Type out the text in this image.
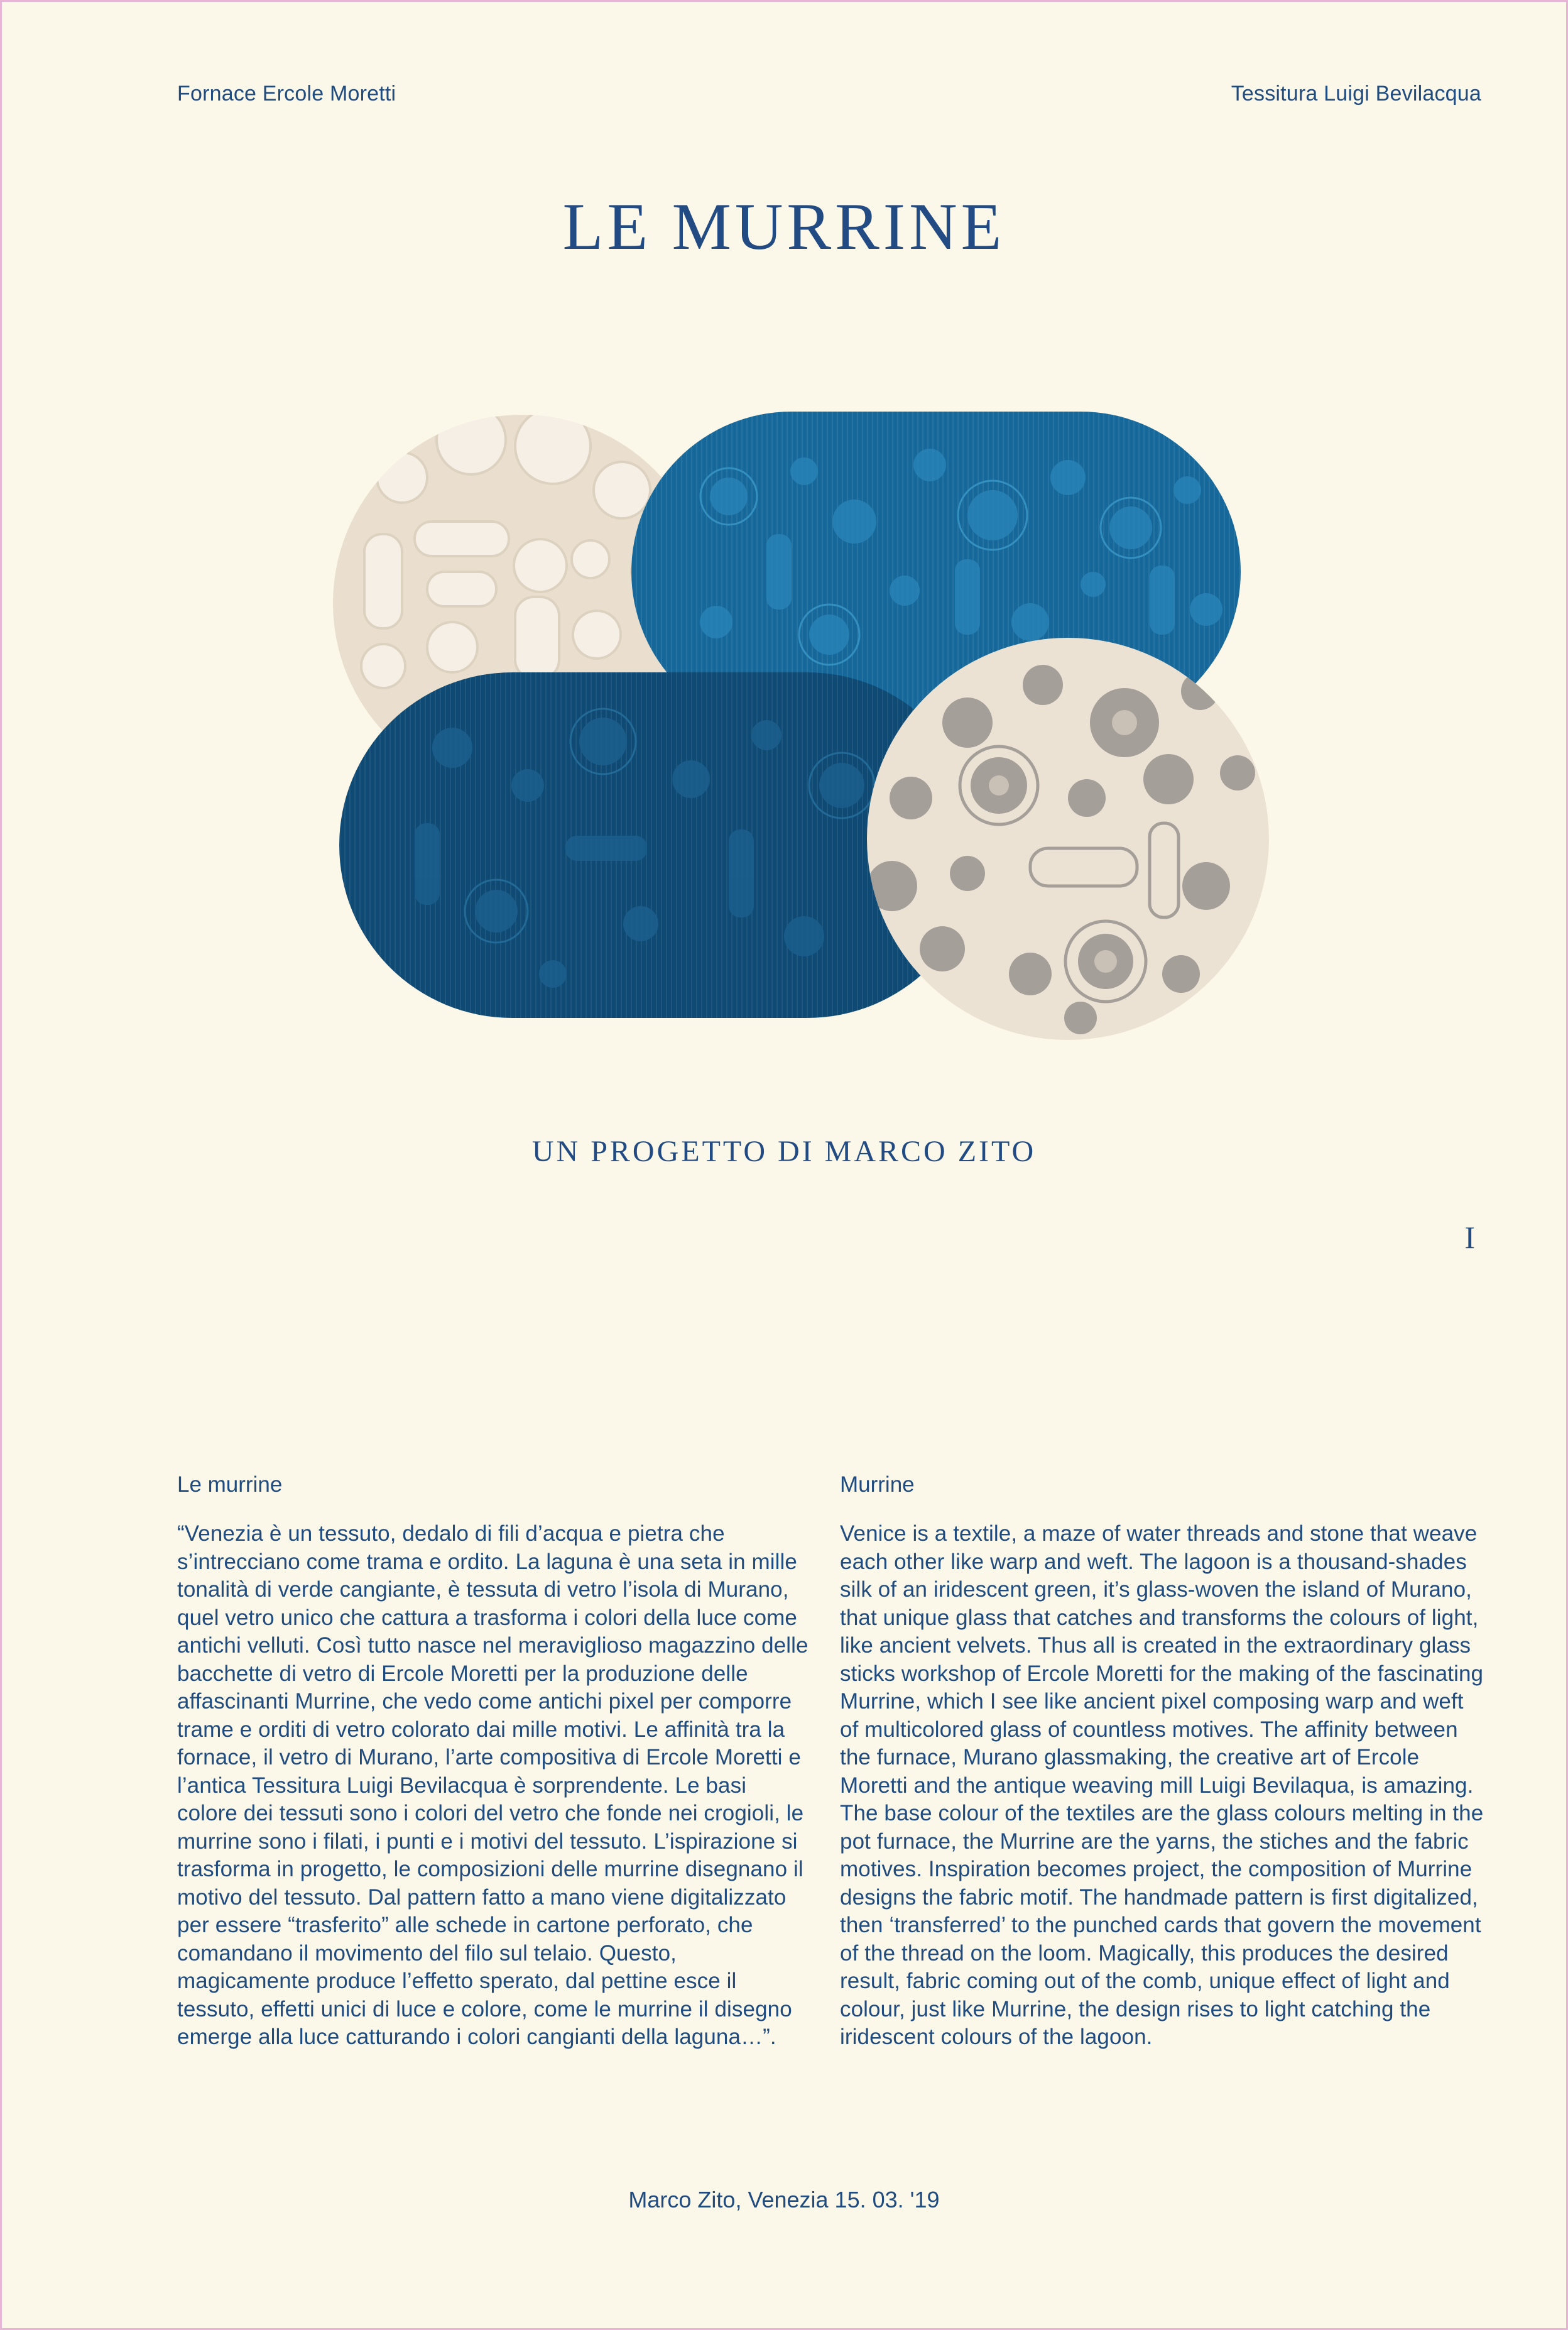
Fornace Ercole Moretti	Tessitura Luigi Bevilacqua
LE MURRINE
UN PROGETTO DI MARCO ZITO
I
Le murrine
“Venezia è un tessuto, dedalo di fili d’acqua e pietra che s’intrecciano come trama e ordito. La laguna è una seta in mille tonalità di verde cangiante, è tessuta di vetro l’isola di Murano, quel vetro unico che cattura a trasforma i colori della luce come antichi velluti. Così tutto nasce nel meraviglioso magazzino delle bacchette di vetro di Ercole Moretti per la produzione delle affascinanti Murrine, che vedo come antichi pixel per comporre trame e orditi di vetro colorato dai mille motivi. Le affinità tra la fornace, il vetro di Murano, l’arte compositiva di Ercole Moretti e l’antica Tessitura Luigi Bevilacqua è sorprendente. Le basi colore dei tessuti sono i colori del vetro che fonde nei crogioli, le murrine sono i filati, i punti e i motivi del tessuto. L’ispirazione si trasforma in progetto, le composizioni delle murrine disegnano il motivo del tessuto. Dal pattern fatto a mano viene digitalizzato per essere “trasferito” alle schede in cartone perforato, che comandano il movimento del filo sul telaio. Questo, magicamente produce l’effetto sperato, dal pettine esce il tessuto, effetti unici di luce e colore, come le murrine il disegno emerge alla luce catturando i colori cangianti della laguna…”.
Murrine
Venice is a textile, a maze of water threads and stone that weave each other like warp and weft. The lagoon is a thousand-shades silk of an iridescent green, it’s glass-woven the island of Murano, that unique glass that catches and transforms the colours of light, like ancient velvets. Thus all is created in the extraordinary glass sticks workshop of Ercole Moretti for the making of the fascinating Murrine, which I see like ancient pixel composing warp and weft of multicolored glass of countless motives. The affinity between the furnace, Murano glassmaking, the creative art of Ercole Moretti and the antique weaving mill Luigi Bevilaqua, is amazing. The base colour of the textiles are the glass colours melting in the pot furnace, the Murrine are the yarns, the stiches and the fabric motives. Inspiration becomes project, the composition of Murrine designs the fabric motif. The handmade pattern is first digitalized, then ‘transferred’ to the punched cards that govern the movement of the thread on the loom. Magically, this produces the desired result, fabric coming out of the comb, unique effect of light and colour, just like Murrine, the design rises to light catching the iridescent colours of the lagoon.
Marco Zito, Venezia 15. 03. '19
